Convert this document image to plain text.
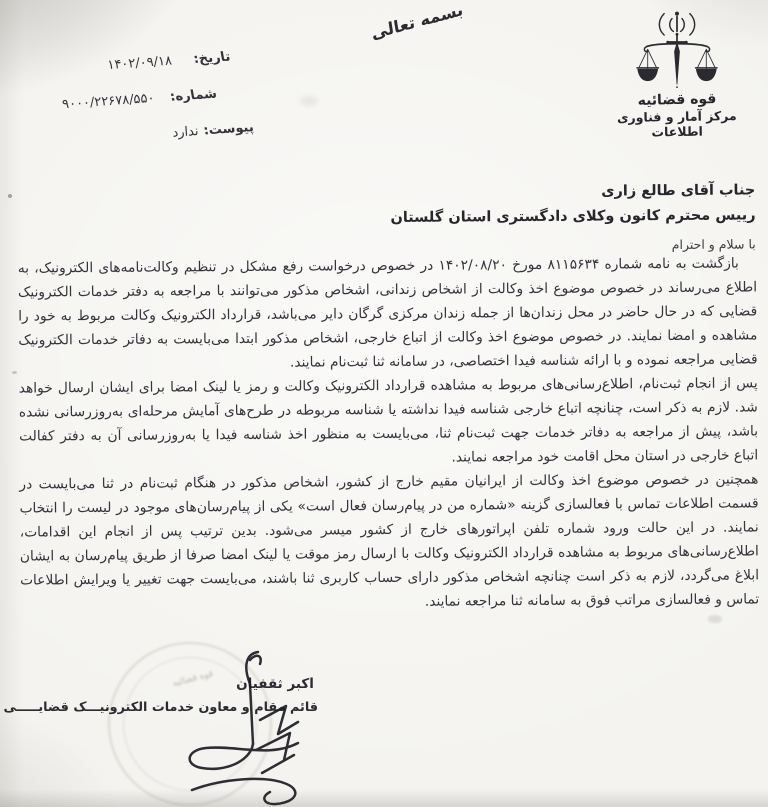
بسمه تعالی
قوه قضائیه
مرکز آمار و فناوری اطلاعات
تاریخ:
۱۴۰۲/۰۹/۱۸
شماره:
۹۰۰۰/۲۲۶۷۸/۵۵۰
پیوست:
ندارد
جناب آقای طالع زاری
رییس محترم کانون وکلای دادگستری استان گلستان
با سلام و احترام

بازگشت به نامه شماره ۸۱۱۵۶۳۴ مورخ ۱۴۰۲/۰۸/۲۰ در خصوص درخواست رفع مشکل در تنظیم وکالت‌نامه‌های الکترونیک، به اطلاع می‌رساند در خصوص موضوع اخذ وکالت از اشخاص زندانی، اشخاص مذکور می‌توانند با مراجعه به دفتر خدمات الکترونیک قضایی که در حال حاضر در محل زندان‌ها از جمله زندان مرکزی گرگان دایر می‌باشد، قرارداد الکترونیک وکالت مربوط به خود را مشاهده و امضا نمایند. در خصوص موضوع اخذ وکالت از اتباع خارجی، اشخاص مذکور ابتدا می‌بایست به دفاتر خدمات الکترونیک قضایی مراجعه نموده و با ارائه شناسه فیدا اختصاصی، در سامانه ثنا ثبت‌نام نمایند.

پس از انجام ثبت‌نام، اطلاع‌رسانی‌های مربوط به مشاهده قرارداد الکترونیک وکالت و رمز یا لینک امضا برای ایشان ارسال خواهد شد. لازم به ذکر است، چنانچه اتباع خارجی شناسه فیدا نداشته یا شناسه مربوطه در طرح‌های آمایش مرحله‌ای به‌روزرسانی نشده باشد، پیش از مراجعه به دفاتر خدمات جهت ثبت‌نام ثنا، می‌بایست به منظور اخذ شناسه فیدا یا به‌روزرسانی آن به دفتر کفالت اتباع خارجی در استان محل اقامت خود مراجعه نمایند.

همچنین در خصوص موضوع اخذ وکالت از ایرانیان مقیم خارج از کشور، اشخاص مذکور در هنگام ثبت‌نام در ثنا می‌بایست در قسمت اطلاعات تماس با فعالسازی گزینه «شماره من در پیام‌رسان فعال است» یکی از پیام‌رسان‌های موجود در لیست را انتخاب نمایند. در این حالت ورود شماره تلفن اپراتورهای خارج از کشور میسر می‌شود. بدین ترتیب پس از انجام این اقدامات، اطلاع‌رسانی‌های مربوط به مشاهده قرارداد الکترونیک وکالت با ارسال رمز موقت یا لینک امضا صرفا از طریق پیام‌رسان به ایشان ابلاغ می‌گردد، لازم به ذکر است چنانچه اشخاص مذکور دارای حساب کاربری ثنا باشند، می‌بایست جهت تغییر یا ویرایش اطلاعات تماس و فعالسازی مراتب فوق به سامانه ثنا مراجعه نمایند.

قوه قضائیه	اکبر ثقفیان
قائم مقام و معاون خدمات الکترونیـــک قضایـــــی
